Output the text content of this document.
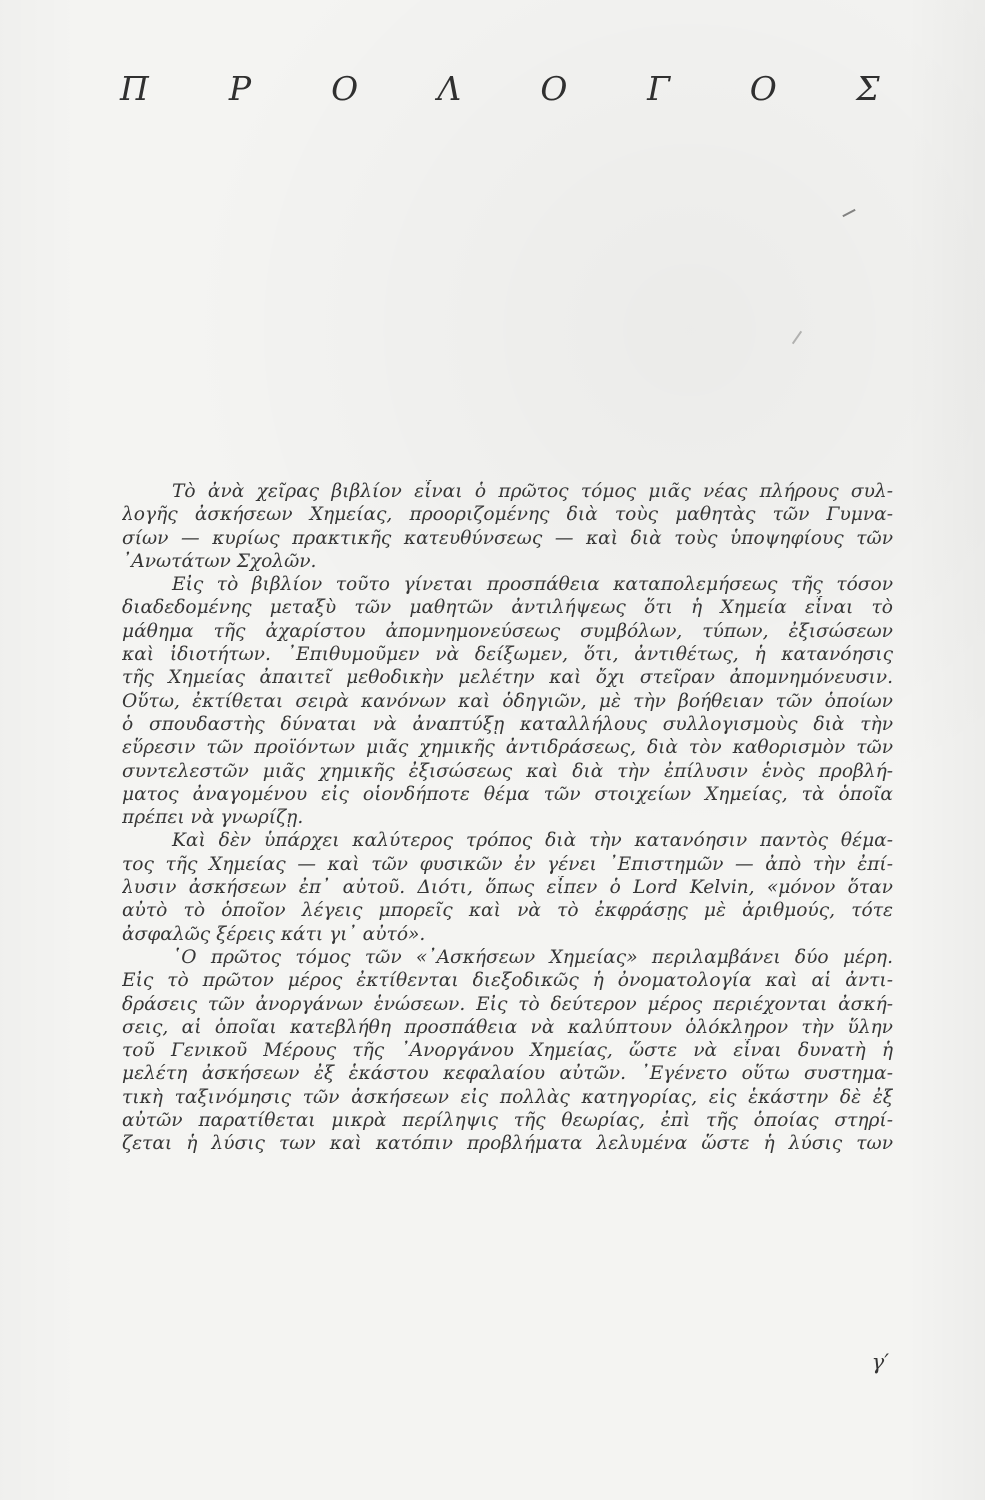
Π Ρ Ο Λ Ο Γ Ο Σ
Τὸ ἀνὰ χεῖρας βιβλίον εἶναι ὁ πρῶτος τόμος μιᾶς νέας πλήρους συλ-
λογῆς ἀσκήσεων Χημείας, προοριζομένης διὰ τοὺς μαθητὰς τῶν Γυμνα-
σίων — κυρίως πρακτικῆς κατευθύνσεως — καὶ διὰ τοὺς ὑποψηφίους τῶν
᾿Ανωτάτων Σχολῶν.
Εἰς τὸ βιβλίον τοῦτο γίνεται προσπάθεια καταπολεμήσεως τῆς τόσον
διαδεδομένης μεταξὺ τῶν μαθητῶν ἀντιλήψεως ὅτι ἡ Χημεία εἶναι τὸ
μάθημα τῆς ἀχαρίστου ἀπομνημονεύσεως συμβόλων, τύπων, ἐξισώσεων
καὶ ἰδιοτήτων. ᾿Επιθυμοῦμεν νὰ δείξωμεν, ὅτι, ἀντιθέτως, ἡ κατανόησις
τῆς Χημείας ἀπαιτεῖ μεθοδικὴν μελέτην καὶ ὄχι στεῖραν ἀπομνημόνευσιν.
Οὕτω, ἐκτίθεται σειρὰ κανόνων καὶ ὁδηγιῶν, μὲ τὴν βοήθειαν τῶν ὁποίων
ὁ σπουδαστὴς δύναται νὰ ἀναπτύξῃ καταλλήλους συλλογισμοὺς διὰ τὴν
εὕρεσιν τῶν προϊόντων μιᾶς χημικῆς ἀντιδράσεως, διὰ τὸν καθορισμὸν τῶν
συντελεστῶν μιᾶς χημικῆς ἐξισώσεως καὶ διὰ τὴν ἐπίλυσιν ἑνὸς προβλή-
ματος ἀναγομένου εἰς οἱονδήποτε θέμα τῶν στοιχείων Χημείας, τὰ ὁποῖα
πρέπει νὰ γνωρίζῃ.
Καὶ δὲν ὑπάρχει καλύτερος τρόπος διὰ τὴν κατανόησιν παντὸς θέμα-
τος τῆς Χημείας — καὶ τῶν φυσικῶν ἐν γένει ᾿Επιστημῶν — ἀπὸ τὴν ἐπί-
λυσιν ἀσκήσεων ἐπ᾿ αὐτοῦ. Διότι, ὅπως εἶπεν ὁ Lord Kelvin, «μόνον ὅταν
αὐτὸ τὸ ὁποῖον λέγεις μπορεῖς καὶ νὰ τὸ ἐκφράσῃς μὲ ἀριθμούς, τότε
ἀσφαλῶς ξέρεις κάτι γι᾿ αὐτό».
῾Ο πρῶτος τόμος τῶν «᾿Ασκήσεων Χημείας» περιλαμβάνει δύο μέρη.
Εἰς τὸ πρῶτον μέρος ἐκτίθενται διεξοδικῶς ἡ ὀνοματολογία καὶ αἱ ἀντι-
δράσεις τῶν ἀνοργάνων ἑνώσεων. Εἰς τὸ δεύτερον μέρος περιέχονται ἀσκή-
σεις, αἱ ὁποῖαι κατεβλήθη προσπάθεια νὰ καλύπτουν ὁλόκληρον τὴν ὕλην
τοῦ Γενικοῦ Μέρους τῆς ᾿Ανοργάνου Χημείας, ὥστε νὰ εἶναι δυνατὴ ἡ
μελέτη ἀσκήσεων ἐξ ἑκάστου κεφαλαίου αὐτῶν. ᾿Εγένετο οὕτω συστημα-
τικὴ ταξινόμησις τῶν ἀσκήσεων εἰς πολλὰς κατηγορίας, εἰς ἑκάστην δὲ ἐξ
αὐτῶν παρατίθεται μικρὰ περίληψις τῆς θεωρίας, ἐπὶ τῆς ὁποίας στηρί-
ζεται ἡ λύσις των καὶ κατόπιν προβλήματα λελυμένα ὥστε ἡ λύσις των
γ′
